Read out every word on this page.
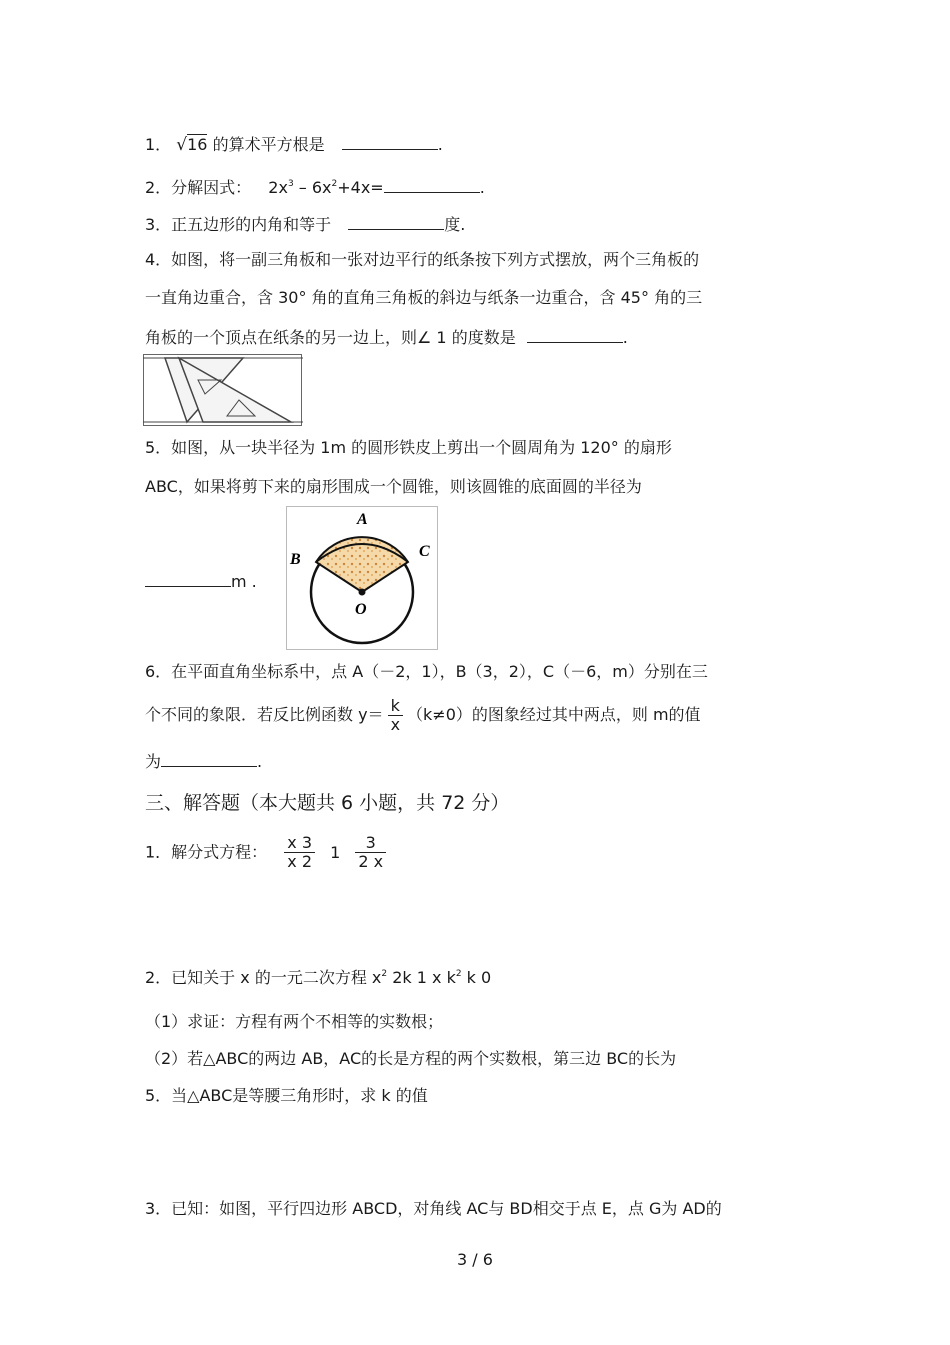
1． √16 的算术平方根是	.
2．分解因式： $2x^3 - 6x^2+4x=$	.
3．正五边形的内角和等于	度.
4．如图，将一副三角板和一张对边平行的纸条按下列方式摆放，两个三角板的
一直角边重合，含 30° 角的直角三角板的斜边与纸条一边重合，含 45° 角的三
角板的一个顶点在纸条的另一边上，则∠ 1 的度数是	.
5．如图，从一块半径为 1m 的圆形铁皮上剪出一个圆周角为 120° 的扇形
ABC，如果将剪下来的扇形围成一个圆锥，则该圆锥的底面圆的半径为
m .
A
B	C
O
6．在平面直角坐标系中，点 A（－2，1），B（3，2），C（－6，m）分别在三
个不同的象限．若反比例函数 $y= \frac{k}{x} (k\ne 0)$的图象经过其中两点，则 m的值
为	.
三、解答题（本大题共 6 小题，共 72 分）
1．解分式方程： $\frac{x 3}{x 2} 1 \frac{3}{2 x}$
2．已知关于 x 的一元二次方程 $x^2$ 2k 1 x $k^2$ k 0
（1）求证：方程有两个不相等的实数根；
（2）若△ABC的两边 AB，AC的长是方程的两个实数根，第三边 BC的长为
5．当△ABC是等腰三角形时，求 k 的值
3．已知：如图，平行四边形 ABCD，对角线 AC与 BD相交于点 E，点 G为 AD的
3 / 6
